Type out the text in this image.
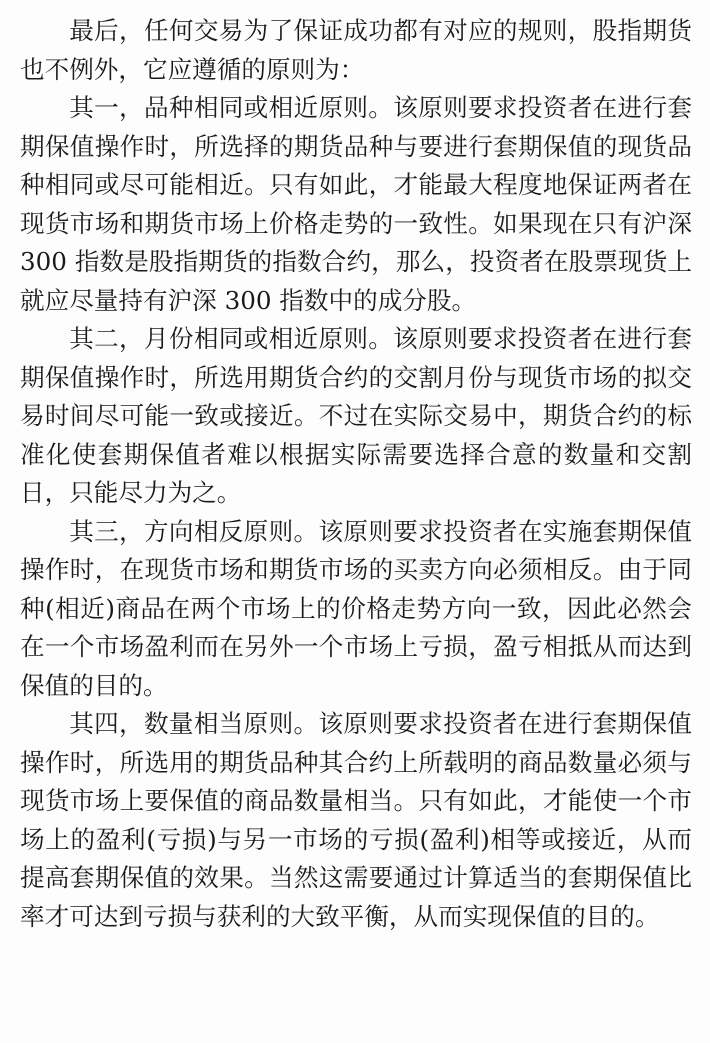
最后，任何交易为了保证成功都有对应的规则，股指期货也不例外，它应遵循的原则为：

其一，品种相同或相近原则。该原则要求投资者在进行套期保值操作时，所选择的期货品种与要进行套期保值的现货品种相同或尽可能相近。只有如此，才能最大程度地保证两者在现货市场和期货市场上价格走势的一致性。如果现在只有沪深 300 指数是股指期货的指数合约，那么，投资者在股票现货上就应尽量持有沪深 300 指数中的成分股。

其二，月份相同或相近原则。该原则要求投资者在进行套期保值操作时，所选用期货合约的交割月份与现货市场的拟交易时间尽可能一致或接近。不过在实际交易中，期货合约的标准化使套期保值者难以根据实际需要选择合意的数量和交割日，只能尽力为之。

其三，方向相反原则。该原则要求投资者在实施套期保值操作时，在现货市场和期货市场的买卖方向必须相反。由于同种(相近)商品在两个市场上的价格走势方向一致，因此必然会在一个市场盈利而在另外一个市场上亏损，盈亏相抵从而达到保值的目的。

其四，数量相当原则。该原则要求投资者在进行套期保值操作时，所选用的期货品种其合约上所载明的商品数量必须与现货市场上要保值的商品数量相当。只有如此，才能使一个市场上的盈利(亏损)与另一市场的亏损(盈利)相等或接近，从而提高套期保值的效果。当然这需要通过计算适当的套期保值比率才可达到亏损与获利的大致平衡，从而实现保值的目的。
